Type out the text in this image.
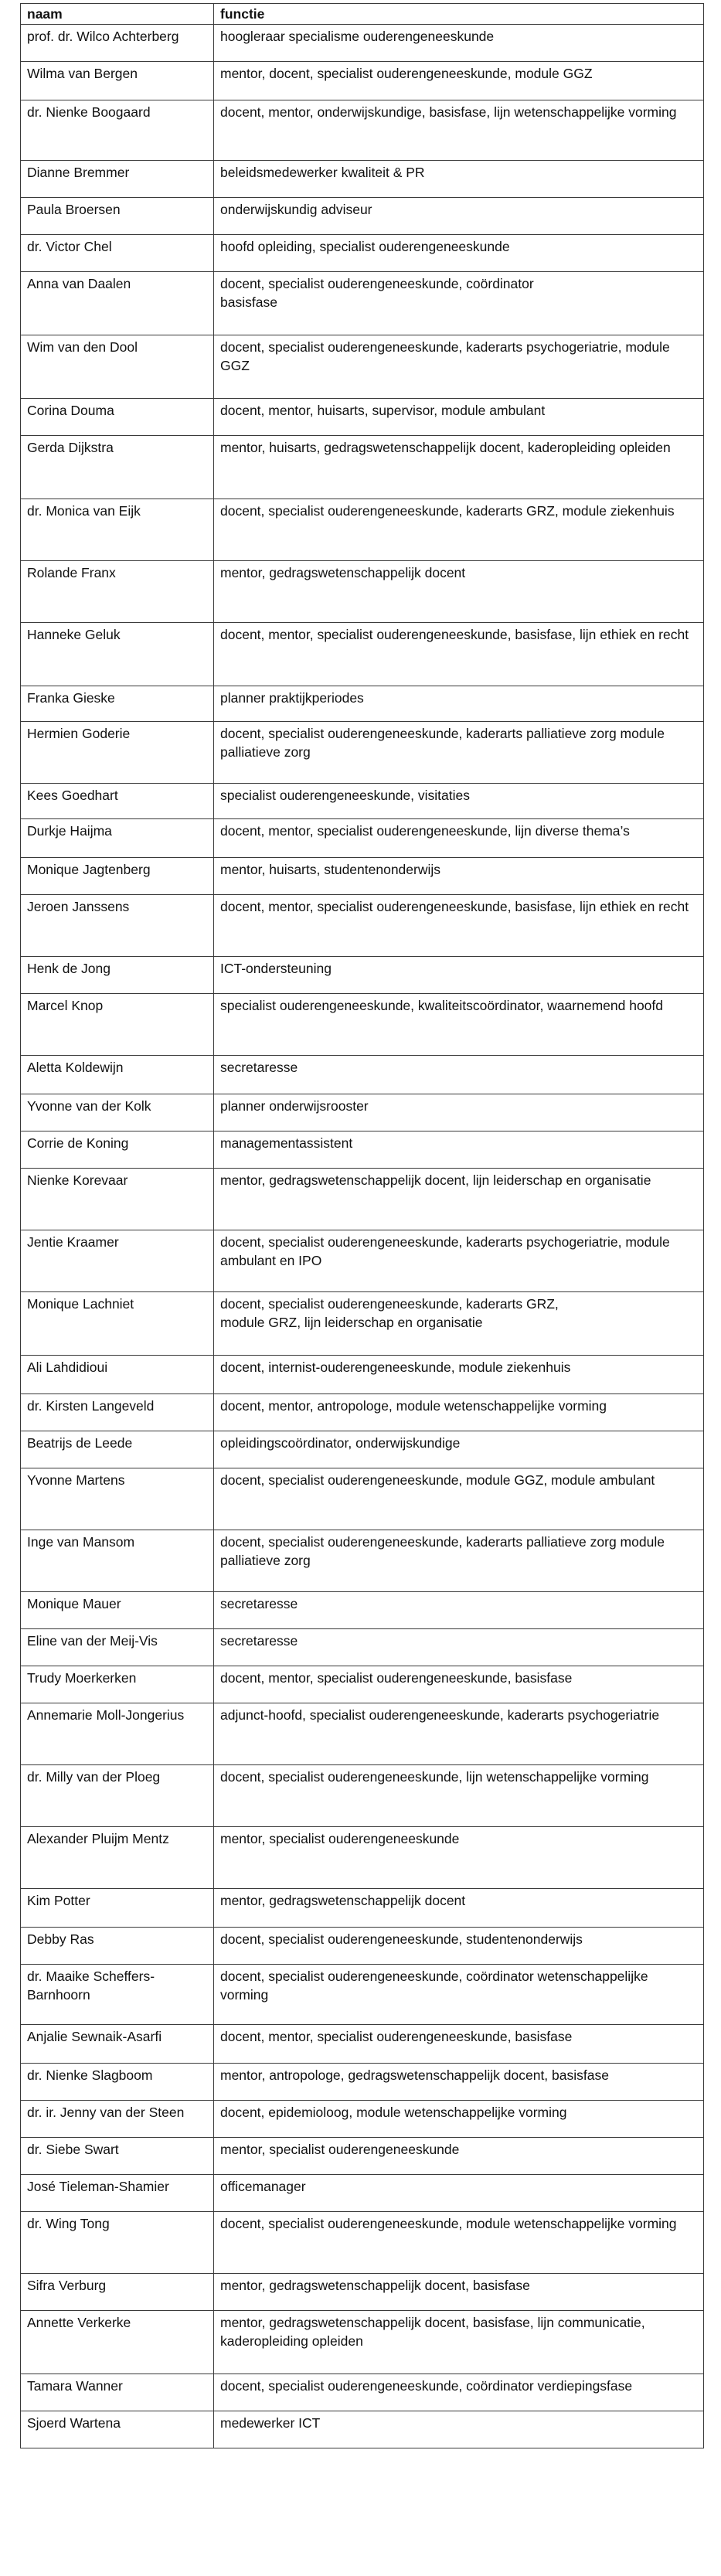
naam	functie
prof. dr. Wilco Achterberg	hoogleraar specialisme ouderengeneeskunde
Wilma van Bergen	mentor, docent, specialist ouderengeneeskunde, module GGZ
dr. Nienke Boogaard	docent, mentor, onderwijskundige, basisfase, lijn wetenschappelijke vorming
Dianne Bremmer	beleidsmedewerker kwaliteit & PR
Paula Broersen	onderwijskundig adviseur
dr. Victor Chel	hoofd opleiding, specialist ouderengeneeskunde
Anna van Daalen	docent, specialist ouderengeneeskunde, coördinator
basisfase
Wim van den Dool	docent, specialist ouderengeneeskunde, kaderarts psychogeriatrie, module GGZ
Corina Douma	docent, mentor, huisarts, supervisor, module ambulant
Gerda Dijkstra	mentor, huisarts, gedragswetenschappelijk docent, kaderopleiding opleiden
dr. Monica van Eijk	docent, specialist ouderengeneeskunde, kaderarts GRZ, module ziekenhuis
Rolande Franx	mentor, gedragswetenschappelijk docent
Hanneke Geluk	docent, mentor, specialist ouderengeneeskunde, basisfase, lijn ethiek en recht
Franka Gieske	planner praktijkperiodes
Hermien Goderie	docent, specialist ouderengeneeskunde, kaderarts palliatieve zorg module palliatieve zorg
Kees Goedhart	specialist ouderengeneeskunde, visitaties
Durkje Haijma	docent, mentor, specialist ouderengeneeskunde, lijn diverse thema’s
Monique Jagtenberg	mentor, huisarts, studentenonderwijs
Jeroen Janssens	docent, mentor, specialist ouderengeneeskunde, basisfase, lijn ethiek en recht
Henk de Jong	ICT-ondersteuning
Marcel Knop	specialist ouderengeneeskunde, kwaliteitscoördinator, waarnemend hoofd
Aletta Koldewijn	secretaresse
Yvonne van der Kolk	planner onderwijsrooster
Corrie de Koning	managementassistent
Nienke Korevaar	mentor, gedragswetenschappelijk docent, lijn leiderschap en organisatie
Jentie Kraamer	docent, specialist ouderengeneeskunde, kaderarts psychogeriatrie, module ambulant en IPO
Monique Lachniet	docent, specialist ouderengeneeskunde, kaderarts GRZ,
module GRZ, lijn leiderschap en organisatie
Ali Lahdidioui	docent, internist-ouderengeneeskunde, module ziekenhuis
dr. Kirsten Langeveld	docent, mentor, antropologe, module wetenschappelijke vorming
Beatrijs de Leede	opleidingscoördinator, onderwijskundige
Yvonne Martens	docent, specialist ouderengeneeskunde, module GGZ, module ambulant
Inge van Mansom	docent, specialist ouderengeneeskunde, kaderarts palliatieve zorg module palliatieve zorg
Monique Mauer	secretaresse
Eline van der Meij-Vis	secretaresse
Trudy Moerkerken	docent, mentor, specialist ouderengeneeskunde, basisfase
Annemarie Moll-Jongerius	adjunct-hoofd, specialist ouderengeneeskunde, kaderarts psychogeriatrie
dr. Milly van der Ploeg	docent, specialist ouderengeneeskunde, lijn wetenschappelijke vorming
Alexander Pluijm Mentz	mentor, specialist ouderengeneeskunde
Kim Potter	mentor, gedragswetenschappelijk docent
Debby Ras	docent, specialist ouderengeneeskunde, studentenonderwijs
dr. Maaike Scheffers-Barnhoorn	docent, specialist ouderengeneeskunde, coördinator wetenschappelijke vorming
Anjalie Sewnaik-Asarfi	docent, mentor, specialist ouderengeneeskunde, basisfase
dr. Nienke Slagboom	mentor, antropologe, gedragswetenschappelijk docent, basisfase
dr. ir. Jenny van der Steen	docent, epidemioloog, module wetenschappelijke vorming
dr. Siebe Swart	mentor, specialist ouderengeneeskunde
José Tieleman-Shamier	officemanager
dr. Wing Tong	docent, specialist ouderengeneeskunde, module wetenschappelijke vorming
Sifra Verburg	mentor, gedragswetenschappelijk docent, basisfase
Annette Verkerke	mentor, gedragswetenschappelijk docent, basisfase, lijn communicatie, kaderopleiding opleiden
Tamara Wanner	docent, specialist ouderengeneeskunde, coördinator verdiepingsfase
Sjoerd Wartena	medewerker ICT
